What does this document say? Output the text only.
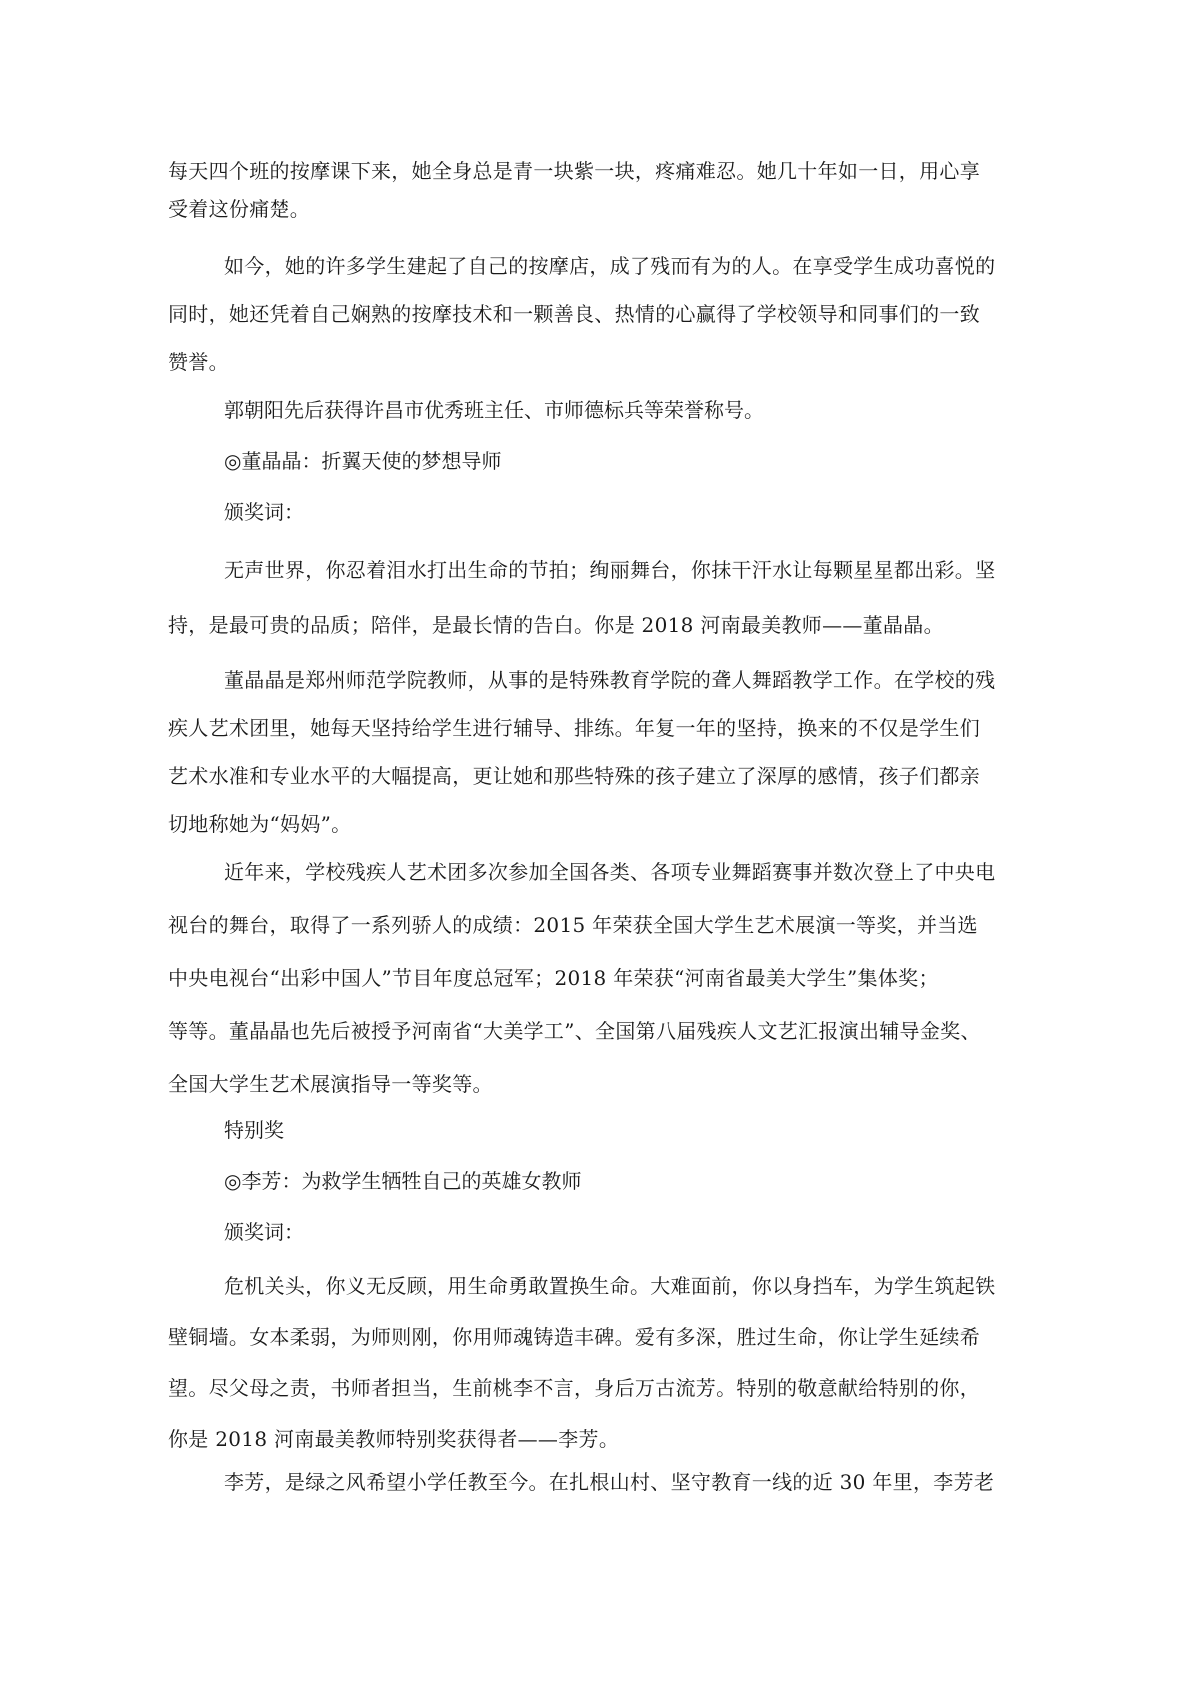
每天四个班的按摩课下来，她全身总是青一块紫一块，疼痛难忍。她几十年如一日，用心享
受着这份痛楚。
如今，她的许多学生建起了自己的按摩店，成了残而有为的人。在享受学生成功喜悦的
同时，她还凭着自己娴熟的按摩技术和一颗善良、热情的心赢得了学校领导和同事们的一致
赞誉。

郭朝阳先后获得许昌市优秀班主任、市师德标兵等荣誉称号。

◎董晶晶：折翼天使的梦想导师

颁奖词：

无声世界，你忍着泪水打出生命的节拍；绚丽舞台，你抹干汗水让每颗星星都出彩。坚
持，是最可贵的品质；陪伴，是最长情的告白。你是 2018 河南最美教师——董晶晶。
董晶晶是郑州师范学院教师，从事的是特殊教育学院的聋人舞蹈教学工作。在学校的残
疾人艺术团里，她每天坚持给学生进行辅导、排练。年复一年的坚持，换来的不仅是学生们
艺术水准和专业水平的大幅提高，更让她和那些特殊的孩子建立了深厚的感情，孩子们都亲
切地称她为“妈妈”。
近年来，学校残疾人艺术团多次参加全国各类、各项专业舞蹈赛事并数次登上了中央电
视台的舞台，取得了一系列骄人的成绩：2015 年荣获全国大学生艺术展演一等奖，并当选
中央电视台“出彩中国人”节目年度总冠军；2018 年荣获“河南省最美大学生”集体奖；
等等。董晶晶也先后被授予河南省“大美学工”、全国第八届残疾人文艺汇报演出辅导金奖、
全国大学生艺术展演指导一等奖等。

特别奖

◎李芳：为救学生牺牲自己的英雄女教师

颁奖词：

危机关头，你义无反顾，用生命勇敢置换生命。大难面前，你以身挡车，为学生筑起铁
壁铜墙。女本柔弱，为师则刚，你用师魂铸造丰碑。爱有多深，胜过生命，你让学生延续希
望。尽父母之责，书师者担当，生前桃李不言，身后万古流芳。特别的敬意献给特别的你，
你是 2018 河南最美教师特别奖获得者——李芳。
李芳，是绿之风希望小学任教至今。在扎根山村、坚守教育一线的近 30 年里，李芳老
